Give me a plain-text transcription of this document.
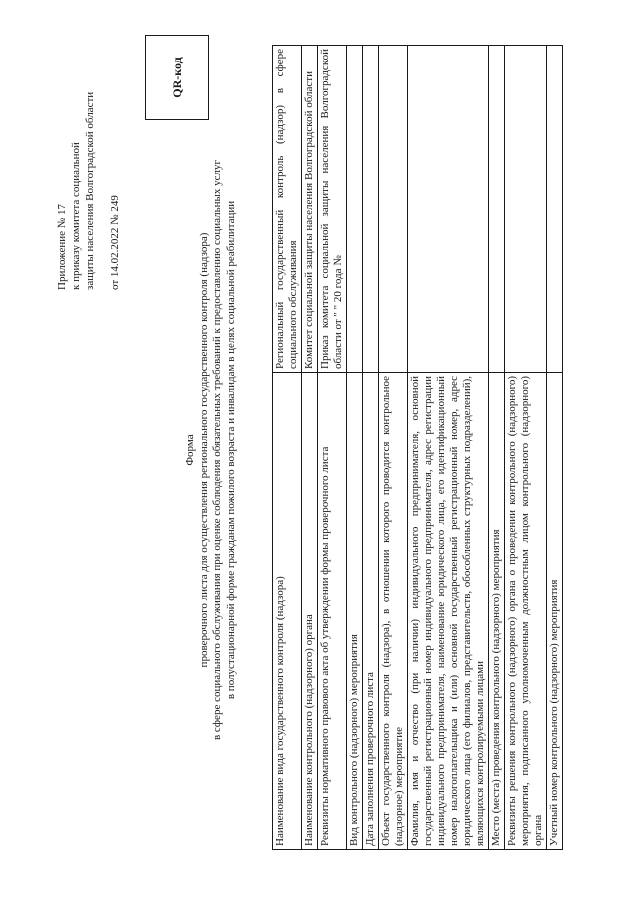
Приложение № 17 к приказу комитета социальной защиты населения Волгоградской области от 14.02.2022 № 249
QR-код
Форма проверочного листа для осуществления регионального государственного контроля (надзора) в сфере социального обслуживания при оценке соблюдения обязательных требований к предоставлению социальных услуг в полустационарной форме гражданам пожилого возраста и инвалидам в целях социальной реабилитации
Наименование вида государственного контроля (надзора)	Региональный государственный контроль (надзор) в сфере социального обслуживания
Наименование контрольного (надзорного) органа	Комитет социальной защиты населения Волгоградской области
Реквизиты нормативного правового акта об утверждении формы проверочного листа	Приказ комитета социальной защиты населения Волгоградской области от " " 20 года №
Вид контрольного (надзорного) мероприятия	
Дата заполнения проверочного листа	
Объект государственного контроля (надзора), в отношении которого проводится контрольное (надзорное) мероприятие	
Фамилия, имя и отчество (при наличии) индивидуального предпринимателя, основной государственный регистрационный номер индивидуального предпринимателя, адрес регистрации индивидуального предпринимателя, наименование юридического лица, его идентификационный номер налогоплательщика и (или) основной государственный регистрационный номер, адрес юридического лица (его филиалов, представительств, обособленных структурных подразделений), являющихся контролируемыми лицами	
Место (места) проведения контрольного (надзорного) мероприятия	
Реквизиты решения контрольного (надзорного) органа о проведении контрольного (надзорного) мероприятия, подписанного уполномоченным должностным лицом контрольного (надзорного) органа	
Учетный номер контрольного (надзорного) мероприятия	
